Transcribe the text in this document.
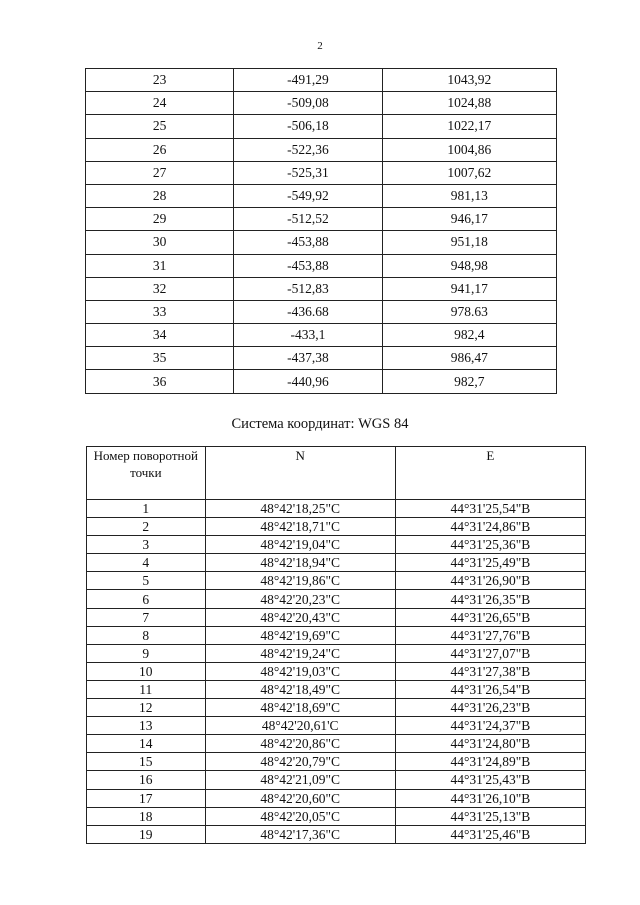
2
23	-491,29	1043,92
24	-509,08	1024,88
25	-506,18	1022,17
26	-522,36	1004,86
27	-525,31	1007,62
28	-549,92	981,13
29	-512,52	946,17
30	-453,88	951,18
31	-453,88	948,98
32	-512,83	941,17
33	-436.68	978.63
34	-433,1	982,4
35	-437,38	986,47
36	-440,96	982,7
Система координат: WGS 84
Номер поворотной точки	N	E
1	48°42'18,25"С	44°31'25,54"В
2	48°42'18,71"С	44°31'24,86"В
3	48°42'19,04"С	44°31'25,36"В
4	48°42'18,94"С	44°31'25,49"В
5	48°42'19,86"С	44°31'26,90"В
6	48°42'20,23"С	44°31'26,35"В
7	48°42'20,43"С	44°31'26,65"В
8	48°42'19,69"С	44°31'27,76"В
9	48°42'19,24"С	44°31'27,07"В
10	48°42'19,03"С	44°31'27,38"В
11	48°42'18,49"С	44°31'26,54"В
12	48°42'18,69"С	44°31'26,23"В
13	48°42'20,61'С	44°31'24,37"В
14	48°42'20,86"С	44°31'24,80"В
15	48°42'20,79"С	44°31'24,89"В
16	48°42'21,09"С	44°31'25,43"В
17	48°42'20,60"С	44°31'26,10"В
18	48°42'20,05"С	44°31'25,13"В
19	48°42'17,36"С	44°31'25,46"В
